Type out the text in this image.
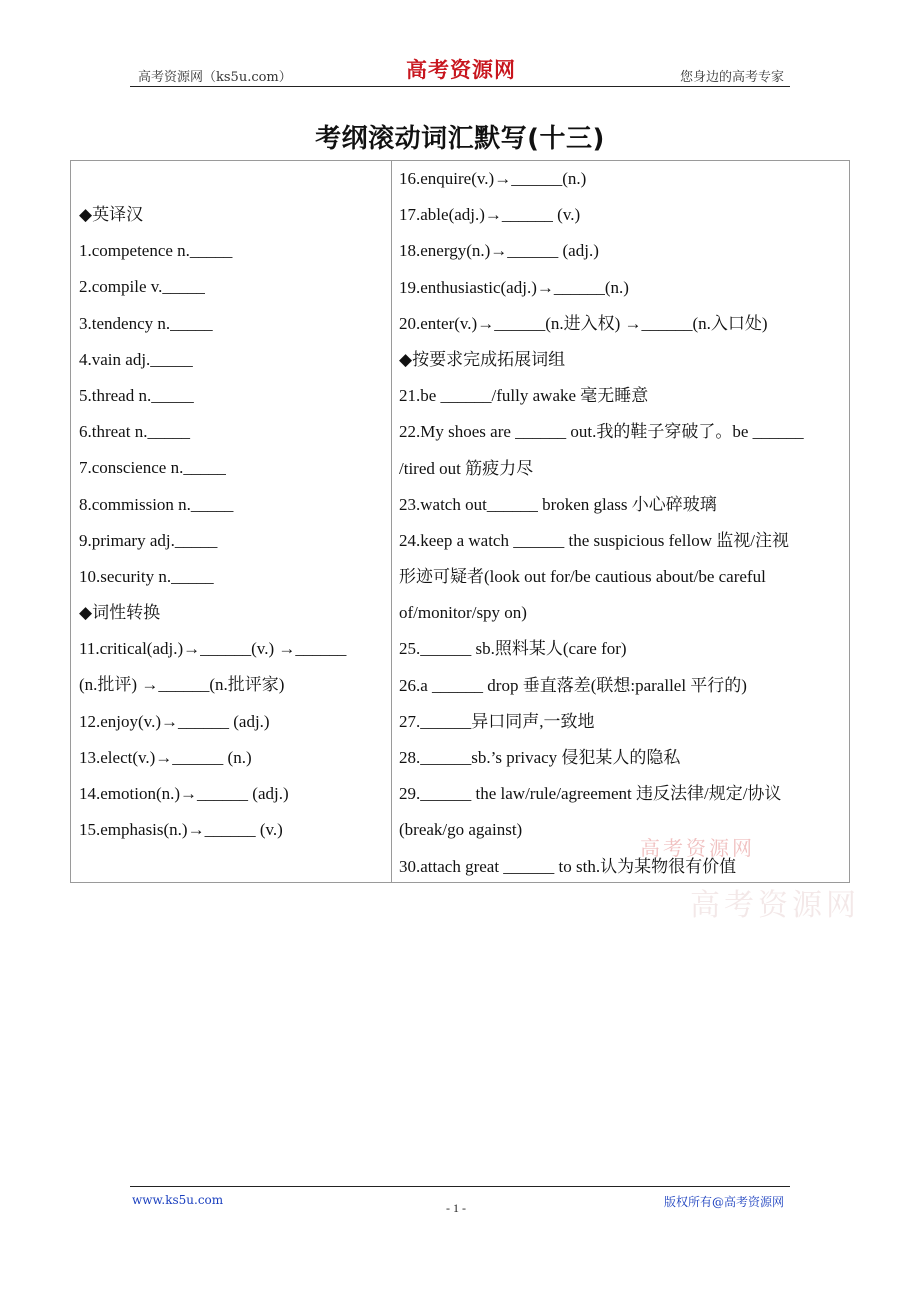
高考资源网（ks5u.com）	高考资源网	您身边的高考专家
考纲滚动词汇默写(十三)
◆英译汉
1.competence n._____
2.compile v._____
3.tendency n._____
4.vain adj._____
5.thread n._____
6.threat n._____
7.conscience n._____
8.commission n._____
9.primary adj._____
10.security n._____
◆词性转换
11.critical(adj.)→______(v.) →______
(n.批评) →______(n.批评家)
12.enjoy(v.)→______ (adj.)
13.elect(v.)→______ (n.)
14.emotion(n.)→______ (adj.)
15.emphasis(n.)→______ (v.)
16.enquire(v.)→______(n.)
17.able(adj.)→______ (v.)
18.energy(n.)→______ (adj.)
19.enthusiastic(adj.)→______(n.)
20.enter(v.)→______(n.进入权) →______(n.入口处)
◆按要求完成拓展词组
21.be ______/fully awake 毫无睡意
22.My shoes are ______ out.我的鞋子穿破了。be ______
/tired out 筋疲力尽
23.watch out______ broken glass 小心碎玻璃
24.keep a watch ______ the suspicious fellow 监视/注视
形迹可疑者(look out for/be cautious about/be careful
of/monitor/spy on)
25.______ sb.照料某人(care for)
26.a ______ drop 垂直落差(联想:parallel 平行的)
27.______异口同声,一致地
28.______sb.’s privacy 侵犯某人的隐私
29.______ the law/rule/agreement 违反法律/规定/协议
(break/go against)
30.attach great ______ to sth.认为某物很有价值
高考资源网
高考资源网
www.ks5u.com
- 1 -	版权所有@高考资源网
